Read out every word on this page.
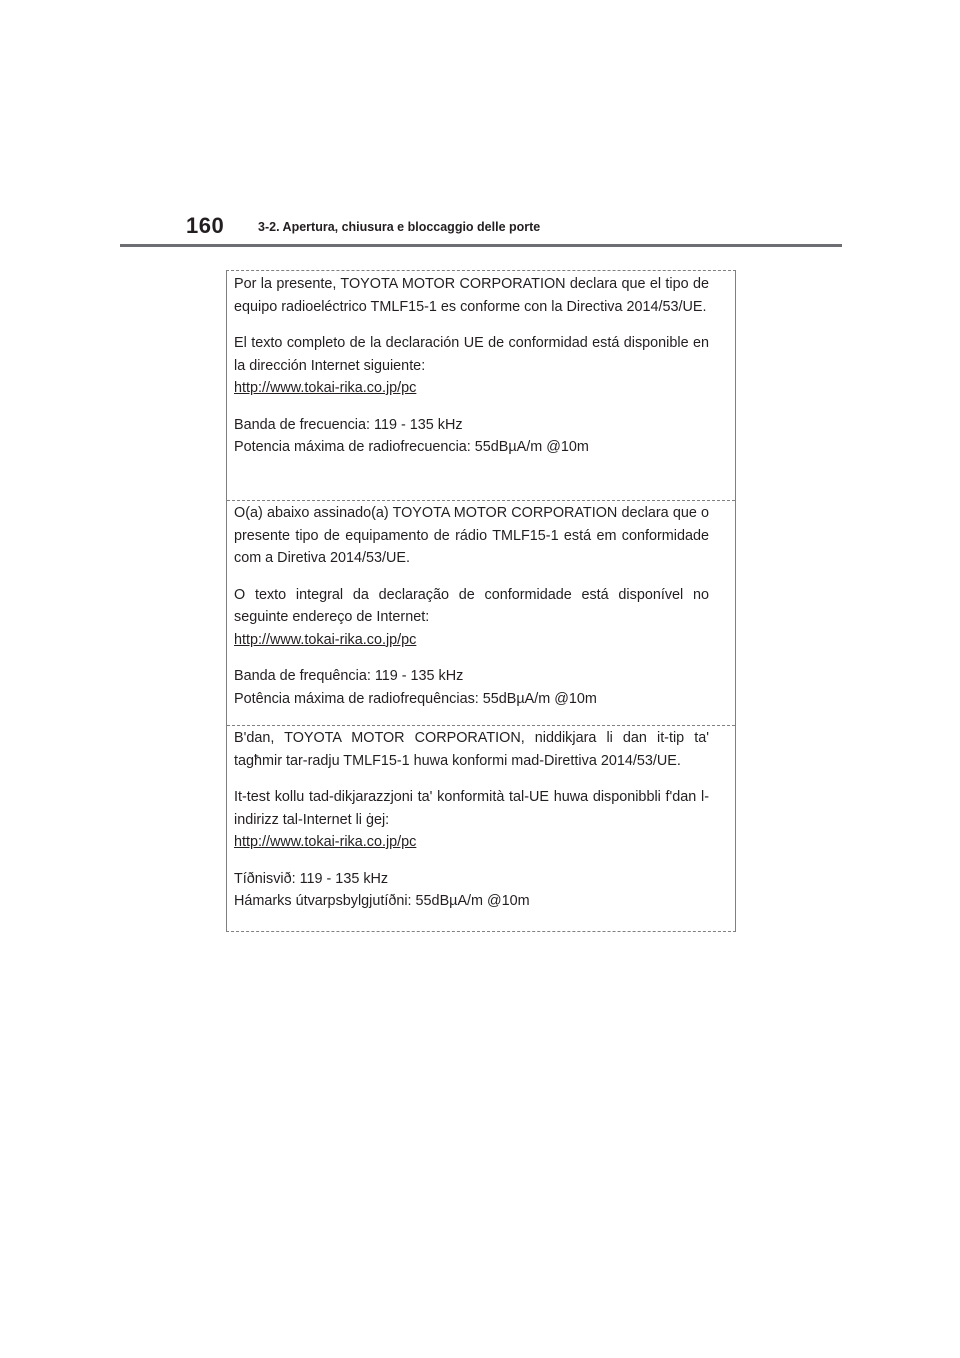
160	3-2. Apertura, chiusura e bloccaggio delle porte

Por la presente, TOYOTA MOTOR CORPORATION declara que el tipo de equipo radioeléctrico TMLF15-1 es conforme con la Directiva 2014/53/UE.

El texto completo de la declaración UE de conformidad está disponible en la dirección Internet siguiente:
http://www.tokai-rika.co.jp/pc

Banda de frecuencia: 119 - 135 kHz
Potencia máxima de radiofrecuencia: 55dBµA/m @10m

O(a) abaixo assinado(a) TOYOTA MOTOR CORPORATION declara que o presente tipo de equipamento de rádio TMLF15-1 está em conformidade com a Diretiva 2014/53/UE.

O texto integral da declaração de conformidade está disponível no seguinte endereço de Internet:
http://www.tokai-rika.co.jp/pc

Banda de frequência: 119 - 135 kHz
Potência máxima de radiofrequências: 55dBµA/m @10m

B'dan, TOYOTA MOTOR CORPORATION, niddikjara li dan it-tip ta' tagħmir tar-radju TMLF15-1 huwa konformi mad-Direttiva 2014/53/UE.

It-test kollu tad-dikjarazzjoni ta' konformità tal-UE huwa disponibbli f'dan l-indirizz tal-Internet li ġej:
http://www.tokai-rika.co.jp/pc

Tíðnisvið: 119 - 135 kHz
Hámarks útvarpsbylgjutíðni: 55dBµA/m @10m
